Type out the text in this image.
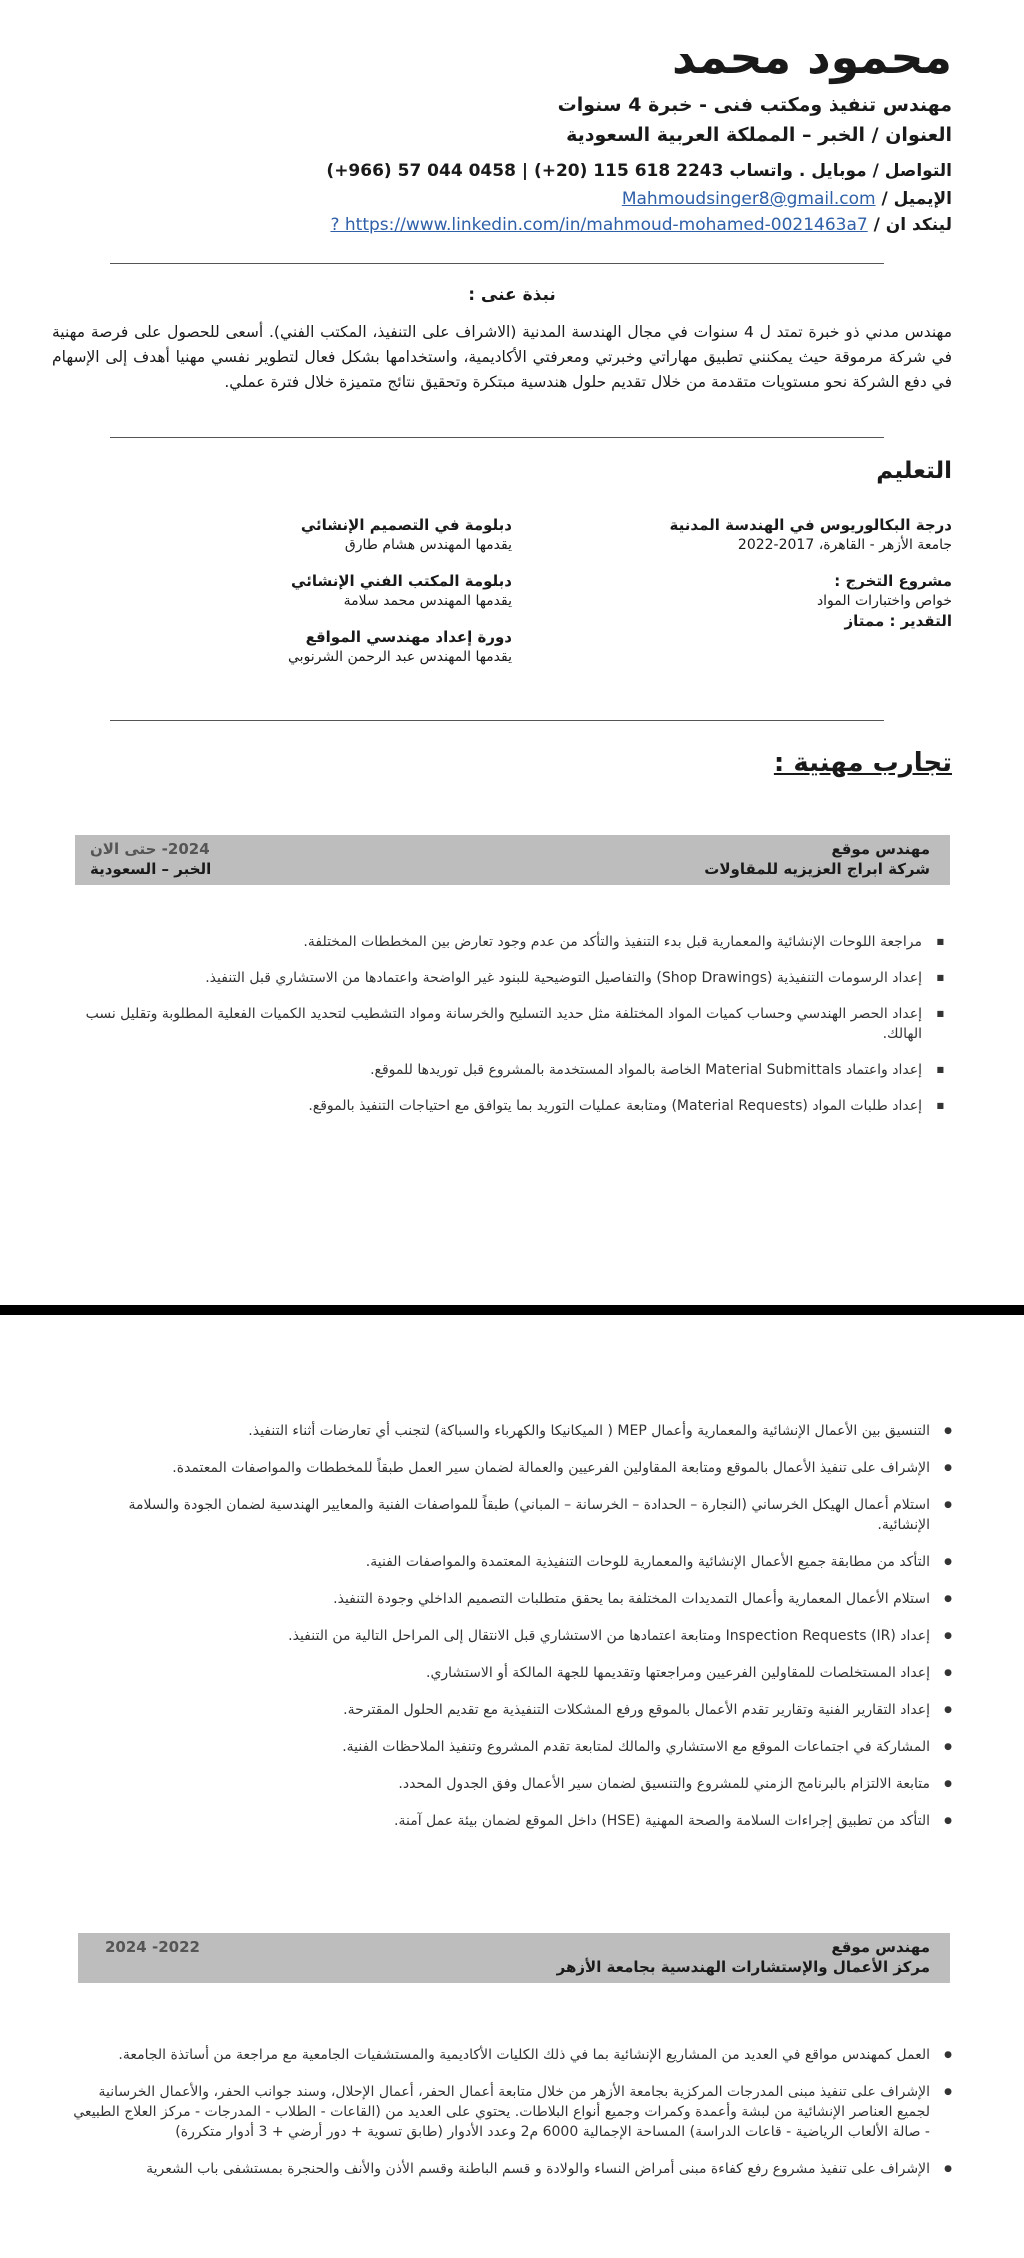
محمود محمد
مهندس تنفيذ ومكتب فنى - خبرة 4 سنوات
العنوان / الخبر – المملكة العربية السعودية
التواصل / موبايل . واتساب (+966) 57 044 0458 | (+20) 115 618 2243
الإيميل / Mahmoudsinger8@gmail.com
لينكد ان / ? https://www.linkedin.com/in/mahmoud-mohamed-0021463a7
نبذة عنى :
مهندس مدني ذو خبرة تمتد ل 4 سنوات في مجال الهندسة المدنية (الاشراف على التنفيذ، المكتب الفني). أسعى للحصول على فرصة مهنية في شركة مرموقة حيث يمكنني تطبيق مهاراتي وخبرتي ومعرفتي الأكاديمية، واستخدامها بشكل فعال لتطوير نفسي مهنيا أهدف إلى الإسهام في دفع الشركة نحو مستويات متقدمة من خلال تقديم حلول هندسية مبتكرة وتحقيق نتائج متميزة خلال فترة عملي.
التعليم
درجة البكالوريوس في الهندسة المدنية
جامعة الأزهر - القاهرة، 2017-2022
مشروع التخرج :
خواص واختبارات المواد
التقدير : ممتاز
دبلومة في التصميم الإنشائي
يقدمها المهندس هشام طارق
دبلومة المكتب الفني الإنشائي
يقدمها المهندس محمد سلامة
دورة إعداد مهندسي المواقع
يقدمها المهندس عبد الرحمن الشرنوبي
تجارب مهنية :
مهندس موقع
شركة ابراج العزيزيه للمقاولات
2024- حتى الان
الخبر – السعودية
■ مراجعة اللوحات الإنشائية والمعمارية قبل بدء التنفيذ والتأكد من عدم وجود تعارض بين المخططات المختلفة.
■ إعداد الرسومات التنفيذية (Shop Drawings) والتفاصيل التوضيحية للبنود غير الواضحة واعتمادها من الاستشاري قبل التنفيذ.
■ إعداد الحصر الهندسي وحساب كميات المواد المختلفة مثل حديد التسليح والخرسانة ومواد التشطيب لتحديد الكميات الفعلية المطلوبة وتقليل نسب الهالك.
■ إعداد واعتماد Material Submittals الخاصة بالمواد المستخدمة بالمشروع قبل توريدها للموقع.
■ إعداد طلبات المواد (Material Requests) ومتابعة عمليات التوريد بما يتوافق مع احتياجات التنفيذ بالموقع.
● التنسيق بين الأعمال الإنشائية والمعمارية وأعمال MEP ( الميكانيكا والكهرباء والسباكة) لتجنب أي تعارضات أثناء التنفيذ.
● الإشراف على تنفيذ الأعمال بالموقع ومتابعة المقاولين الفرعيين والعمالة لضمان سير العمل طبقاً للمخططات والمواصفات المعتمدة.
● استلام أعمال الهيكل الخرساني (النجارة – الحدادة – الخرسانة – المباني) طبقاً للمواصفات الفنية والمعايير الهندسية لضمان الجودة والسلامة الإنشائية.
● التأكد من مطابقة جميع الأعمال الإنشائية والمعمارية للوحات التنفيذية المعتمدة والمواصفات الفنية.
● استلام الأعمال المعمارية وأعمال التمديدات المختلفة بما يحقق متطلبات التصميم الداخلي وجودة التنفيذ.
● إعداد Inspection Requests (IR) ومتابعة اعتمادها من الاستشاري قبل الانتقال إلى المراحل التالية من التنفيذ.
● إعداد المستخلصات للمقاولين الفرعيين ومراجعتها وتقديمها للجهة المالكة أو الاستشاري.
● إعداد التقارير الفنية وتقارير تقدم الأعمال بالموقع ورفع المشكلات التنفيذية مع تقديم الحلول المقترحة.
● المشاركة في اجتماعات الموقع مع الاستشاري والمالك لمتابعة تقدم المشروع وتنفيذ الملاحظات الفنية.
● متابعة الالتزام بالبرنامج الزمني للمشروع والتنسيق لضمان سير الأعمال وفق الجدول المحدد.
● التأكد من تطبيق إجراءات السلامة والصحة المهنية (HSE) داخل الموقع لضمان بيئة عمل آمنة.
مهندس موقع
مركز الأعمال والإستشارات الهندسية بجامعة الأزهر
2022- 2024
● العمل كمهندس مواقع في العديد من المشاريع الإنشائية بما في ذلك الكليات الأكاديمية والمستشفيات الجامعية مع مراجعة من أساتذة الجامعة.
● الإشراف على تنفيذ مبنى المدرجات المركزية بجامعة الأزهر من خلال متابعة أعمال الحفر، أعمال الإحلال، وسند جوانب الحفر، والأعمال الخرسانية لجميع العناصر الإنشائية من لبشة وأعمدة وكمرات وجميع أنواع البلاطات. يحتوي على العديد من (القاعات - الطلاب - المدرجات - مركز العلاج الطبيعي - صالة الألعاب الرياضية - قاعات الدراسة) المساحة الإجمالية 6000 م2 وعدد الأدوار (طابق تسوية + دور أرضي + 3 أدوار متكررة)
● الإشراف على تنفيذ مشروع رفع كفاءة مبنى أمراض النساء والولادة و قسم الباطنة وقسم الأذن والأنف والحنجرة بمستشفى باب الشعرية
